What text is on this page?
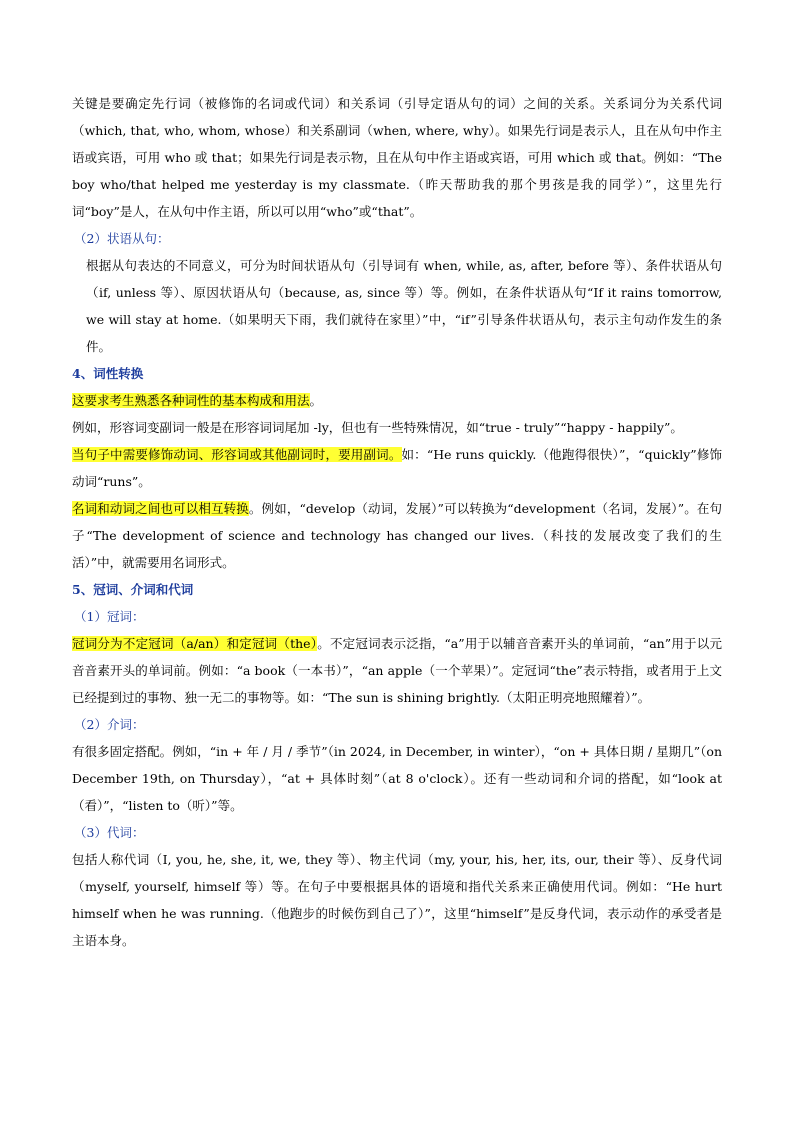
关键是要确定先行词（被修饰的名词或代词）和关系词（引导定语从句的词）之间的关系。关系词分为关系代词（which, that, who, whom, whose）和关系副词（when, where, why）。如果先行词是表示人，且在从句中作主语或宾语，可用 who 或 that；如果先行词是表示物，且在从句中作主语或宾语，可用 which 或 that。例如：“The boy who/that helped me yesterday is my classmate.（昨天帮助我的那个男孩是我的同学）”，这里先行词“boy”是人，在从句中作主语，所以可以用“who”或“that”。

（2）状语从句：

根据从句表达的不同意义，可分为时间状语从句（引导词有 when, while, as, after, before 等）、条件状语从句（if, unless 等）、原因状语从句（because, as, since 等）等。例如，在条件状语从句“If it rains tomorrow, we will stay at home.（如果明天下雨，我们就待在家里）”中，“if”引导条件状语从句，表示主句动作发生的条件。

4、词性转换

这要求考生熟悉各种词性的基本构成和用法。

例如，形容词变副词一般是在形容词词尾加 -ly，但也有一些特殊情况，如“true - truly”“happy - happily”。

当句子中需要修饰动词、形容词或其他副词时，要用副词。如：“He runs quickly.（他跑得很快）”，“quickly”修饰动词“runs”。

名词和动词之间也可以相互转换。例如，“develop（动词，发展）”可以转换为“development（名词，发展）”。在句子“The development of science and technology has changed our lives.（科技的发展改变了我们的生活）”中，就需要用名词形式。

5、冠词、介词和代词

（1）冠词：

冠词分为不定冠词（a/an）和定冠词（the）。不定冠词表示泛指，“a”用于以辅音音素开头的单词前，“an”用于以元音音素开头的单词前。例如：“a book（一本书）”，“an apple（一个苹果）”。定冠词“the”表示特指，或者用于上文已经提到过的事物、独一无二的事物等。如：“The sun is shining brightly.（太阳正明亮地照耀着）”。

（2）介词：

有很多固定搭配。例如，“in + 年 / 月 / 季节”（in 2024, in December, in winter），“on + 具体日期 / 星期几”（on December 19th, on Thursday），“at + 具体时刻”（at 8 o'clock）。还有一些动词和介词的搭配，如“look at（看）”，“listen to（听）”等。

（3）代词：

包括人称代词（I, you, he, she, it, we, they 等）、物主代词（my, your, his, her, its, our, their 等）、反身代词（myself, yourself, himself 等）等。在句子中要根据具体的语境和指代关系来正确使用代词。例如：“He hurt himself when he was running.（他跑步的时候伤到自己了）”，这里“himself”是反身代词，表示动作的承受者是主语本身。
